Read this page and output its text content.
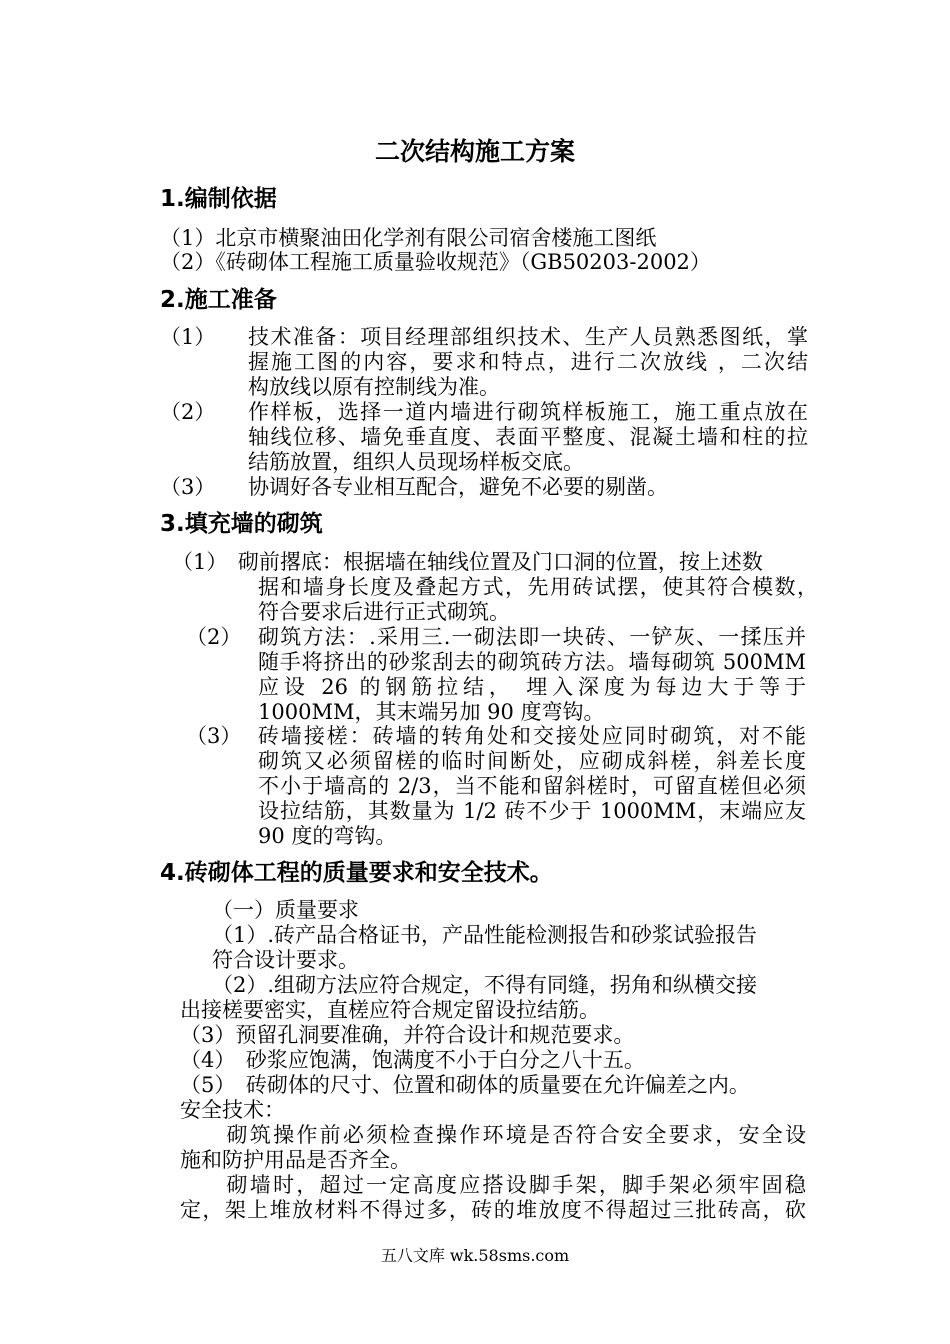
二次结构施工方案
1.编制依据
（1）北京市横聚油田化学剂有限公司宿舍楼施工图纸
（2）《砖砌体工程施工质量验收规范》（GB50203-2002）
2.施工准备
（1） 技术准备：项目经理部组织技术、生产人员熟悉图纸，掌
握施工图的内容，要求和特点，进行二次放线 ，二次结
构放线以原有控制线为准。
（2） 作样板，选择一道内墙进行砌筑样板施工，施工重点放在
轴线位移、墙免垂直度、表面平整度、混凝土墙和柱的拉
结筋放置，组织人员现场样板交底。
（3） 协调好各专业相互配合，避免不必要的剔凿。
3.填充墙的砌筑
（1）　砌前撂底：根据墙在轴线位置及门口洞的位置，按上述数
据和墙身长度及叠起方式，先用砖试摆，使其符合模数，
符合要求后进行正式砌筑。
（2） 砌筑方法：.采用三.一砌法即一块砖、一铲灰、一揉压并
随手将挤出的砂浆刮去的砌筑砖方法。墙每砌筑 500MM
应设 26 的钢筋拉结， 埋入深度为每边大于等于
1000MM，其末端另加 90 度弯钩。
（3） 砖墙接槎：砖墙的转角处和交接处应同时砌筑，对不能
砌筑又必须留槎的临时间断处，应砌成斜槎，斜差长度
不小于墙高的 2/3，当不能和留斜槎时，可留直槎但必须
设拉结筋，其数量为 1/2 砖不少于 1000MM，末端应友
90 度的弯钩。
4.砖砌体工程的质量要求和安全技术。
（一）质量要求
（1）.砖产品合格证书，产品性能检测报告和砂浆试验报告
符合设计要求。
（2）.组砌方法应符合规定，不得有同缝，拐角和纵横交接
出接槎要密实，直槎应符合规定留设拉结筋。
（3）预留孔洞要准确，并符合设计和规范要求。
（4）　砂浆应饱满，饱满度不小于白分之八十五。
（5）　砖砌体的尺寸、位置和砌体的质量要在允许偏差之内。
安全技术：
　　砌筑操作前必须检查操作环境是否符合安全要求，安全设
施和防护用品是否齐全。
　　砌墙时，超过一定高度应搭设脚手架，脚手架必须牢固稳
定，架上堆放材料不得过多，砖的堆放度不得超过三批砖高，砍
五八文库 wk.58sms.com
